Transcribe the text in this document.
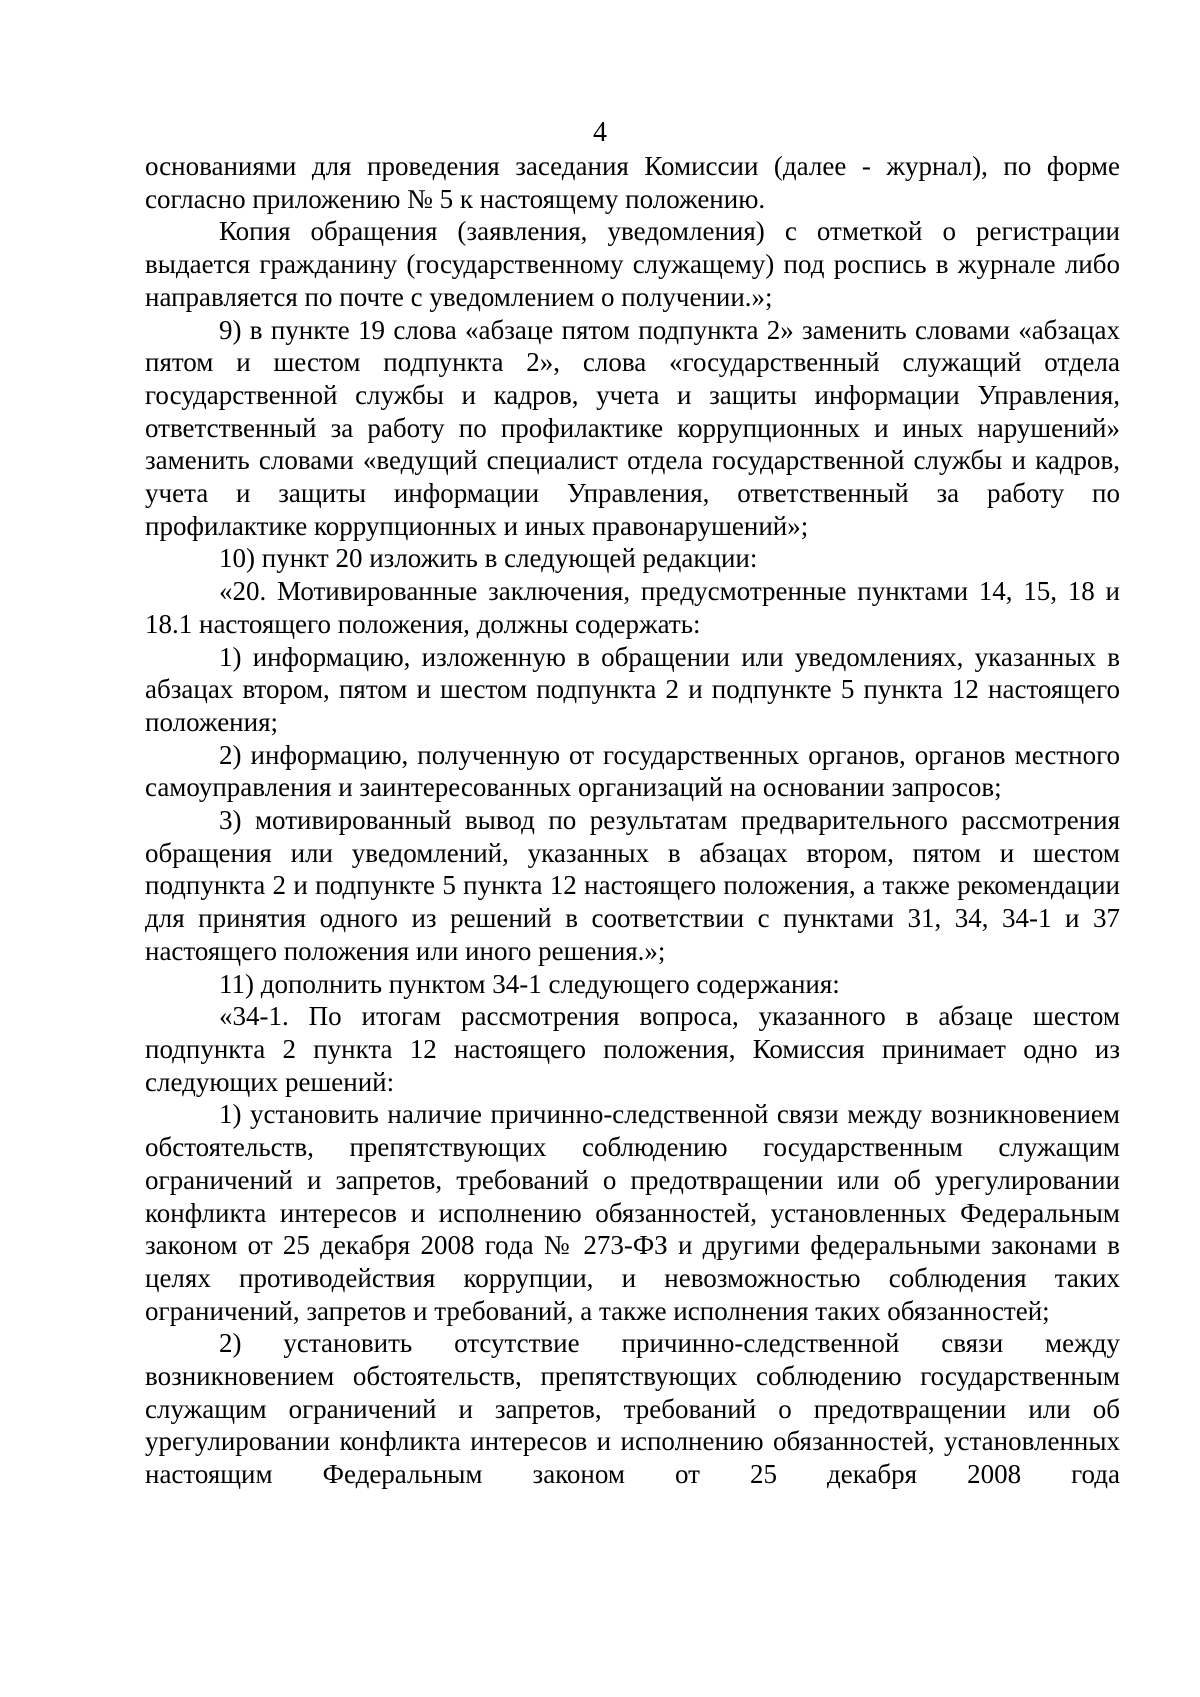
4

основаниями для проведения заседания Комиссии (далее - журнал), по форме согласно приложению № 5 к настоящему положению.

Копия обращения (заявления, уведомления) с отметкой о регистрации выдается гражданину (государственному служащему) под роспись в журнале либо направляется по почте с уведомлением о получении.»;

9) в пункте 19 слова «абзаце пятом подпункта 2» заменить словами «абзацах пятом и шестом подпункта 2», слова «государственный служащий отдела государственной службы и кадров, учета и защиты информации Управления, ответственный за работу по профилактике коррупционных и иных нарушений» заменить словами «ведущий специалист отдела государственной службы и кадров, учета и защиты информации Управления, ответственный за работу по профилактике коррупционных и иных правонарушений»;

10) пункт 20 изложить в следующей редакции:

«20. Мотивированные заключения, предусмотренные пунктами 14, 15, 18 и 18.1 настоящего положения, должны содержать:

1) информацию, изложенную в обращении или уведомлениях, указанных в абзацах втором, пятом и шестом подпункта 2 и подпункте 5 пункта 12 настоящего положения;

2) информацию, полученную от государственных органов, органов местного самоуправления и заинтересованных организаций на основании запросов;

3) мотивированный вывод по результатам предварительного рассмотрения обращения или уведомлений, указанных в абзацах втором, пятом и шестом подпункта 2 и подпункте 5 пункта 12 настоящего положения, а также рекомендации для принятия одного из решений в соответствии с пунктами 31, 34, 34-1 и 37 настоящего положения или иного решения.»;

11) дополнить пунктом 34-1 следующего содержания:

«34-1. По итогам рассмотрения вопроса, указанного в абзаце шестом подпункта 2 пункта 12 настоящего положения, Комиссия принимает одно из следующих решений:

1) установить наличие причинно-следственной связи между возникновением обстоятельств, препятствующих соблюдению государственным служащим ограничений и запретов, требований о предотвращении или об урегулировании конфликта интересов и исполнению обязанностей, установленных Федеральным законом от 25 декабря 2008 года № 273-ФЗ и другими федеральными законами в целях противодействия коррупции, и невозможностью соблюдения таких ограничений, запретов и требований, а также исполнения таких обязанностей;

2) установить отсутствие причинно-следственной связи между возникновением обстоятельств, препятствующих соблюдению государственным служащим ограничений и запретов, требований о предотвращении или об урегулировании конфликта интересов и исполнению обязанностей, установленных настоящим Федеральным законом от 25 декабря 2008 года
